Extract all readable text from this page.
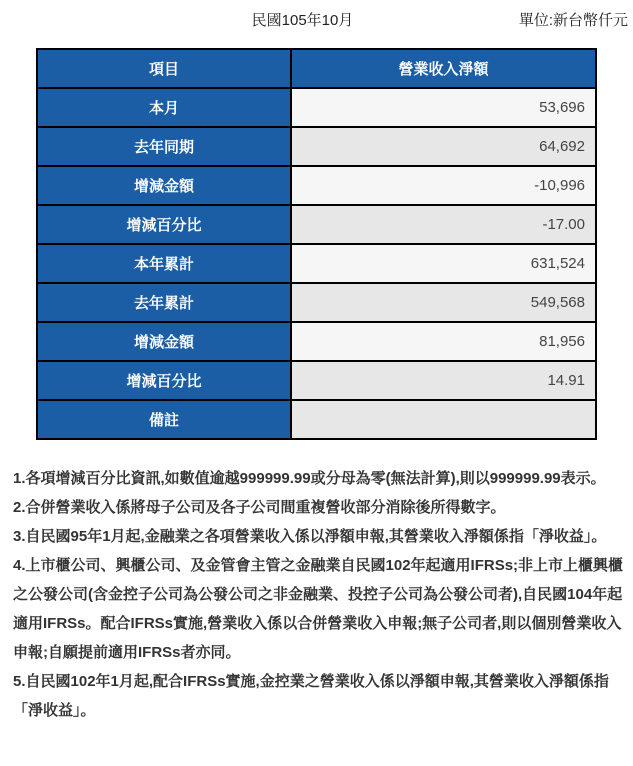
民國105年10月	單位:新台幣仟元
項目	營業收入淨額
本月	53,696
去年同期	64,692
增減金額	-10,996
增減百分比	-17.00
本年累計	631,524
去年累計	549,568
增減金額	81,956
增減百分比	14.91
備註	

1.各項增減百分比資訊,如數值逾越999999.99或分母為零(無法計算),則以999999.99表示。

2.合併營業收入係將母子公司及各子公司間重複營收部分消除後所得數字。

3.自民國95年1月起,金融業之各項營業收入係以淨額申報,其營業收入淨額係指「淨收益」。

4.上市櫃公司、興櫃公司、及金管會主管之金融業自民國102年起適用IFRSs;非上市上櫃興櫃之公發公司(含金控子公司為公發公司之非金融業、投控子公司為公發公司者),自民國104年起適用IFRSs。配合IFRSs實施,營業收入係以合併營業收入申報;無子公司者,則以個別營業收入申報;自願提前適用IFRSs者亦同。

5.自民國102年1月起,配合IFRSs實施,金控業之營業收入係以淨額申報,其營業收入淨額係指「淨收益」。
